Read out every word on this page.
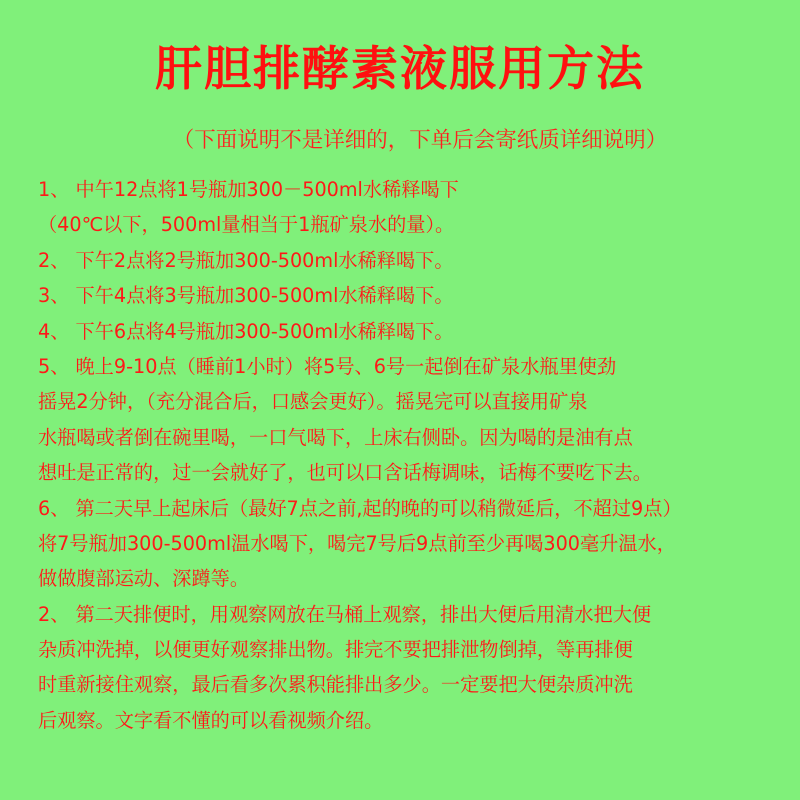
肝胆排酵素液服用方法
（下面说明不是详细的，下单后会寄纸质详细说明）
1、 中午12点将1号瓶加300－500ml水稀释喝下
（40℃以下，500ml量相当于1瓶矿泉水的量）。
2、 下午2点将2号瓶加300-500ml水稀释喝下。
3、 下午4点将3号瓶加300-500ml水稀释喝下。
4、 下午6点将4号瓶加300-500ml水稀释喝下。
5、 晚上9-10点（睡前1小时）将5号、6号一起倒在矿泉水瓶里使劲
摇晃2分钟，（充分混合后，口感会更好）。摇晃完可以直接用矿泉
水瓶喝或者倒在碗里喝，一口气喝下，上床右侧卧。因为喝的是油有点
想吐是正常的，过一会就好了，也可以口含话梅调味，话梅不要吃下去。
6、 第二天早上起床后（最好7点之前,起的晚的可以稍微延后，不超过9点）
将7号瓶加300-500ml温水喝下，喝完7号后9点前至少再喝300毫升温水，
做做腹部运动、深蹲等。
2、 第二天排便时，用观察网放在马桶上观察，排出大便后用清水把大便
杂质冲洗掉，以便更好观察排出物。排完不要把排泄物倒掉，等再排便
时重新接住观察，最后看多次累积能排出多少。一定要把大便杂质冲洗
后观察。文字看不懂的可以看视频介绍。
